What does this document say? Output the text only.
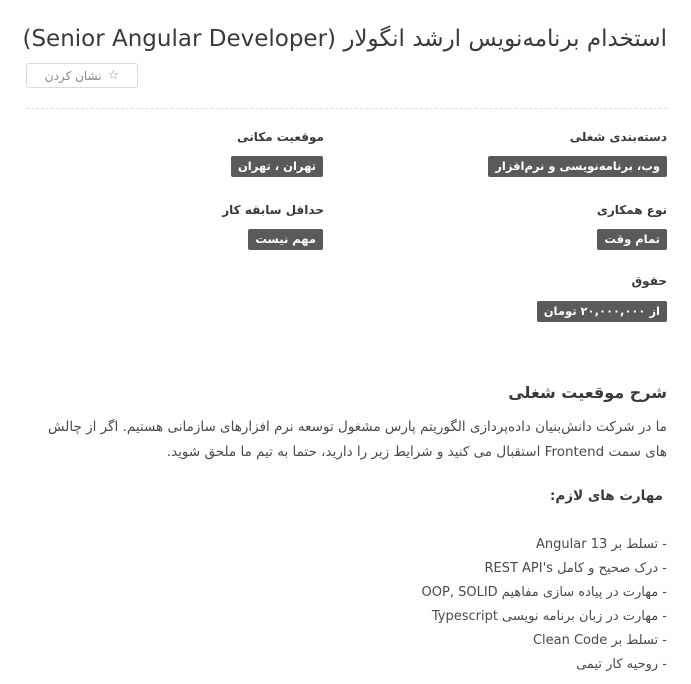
استخدام برنامه‌نویس ارشد انگولار (Senior Angular Developer)
☆
نشان کردن
دسته‌بندی شغلی
وب، برنامه‌نویسی و نرم‌افزار
نوع همکاری
تمام وقت
حقوق
از ۲۰,۰۰۰,۰۰۰ تومان
موقعیت مکانی
تهران ، تهران
حداقل سابقه کار
مهم نیست
شرح موقعیت شغلی

ما در شرکت دانش‌بنیان داده‌پردازی الگوریتم پارس مشغول توسعه نرم افزارهای سازمانی هستیم. اگر از چالش های سمت Frontend استقبال می کنید و شرایط زیر را دارید، حتما به تیم ما ملحق شوید.

مهارت های لازم:
- تسلط بر Angular 13
- درک صحیح و کامل REST API's
- مهارت در پیاده سازی مفاهیم OOP, SOLID
- مهارت در زبان برنامه نویسی Typescript
- تسلط بر Clean Code
- روحیه کار تیمی
